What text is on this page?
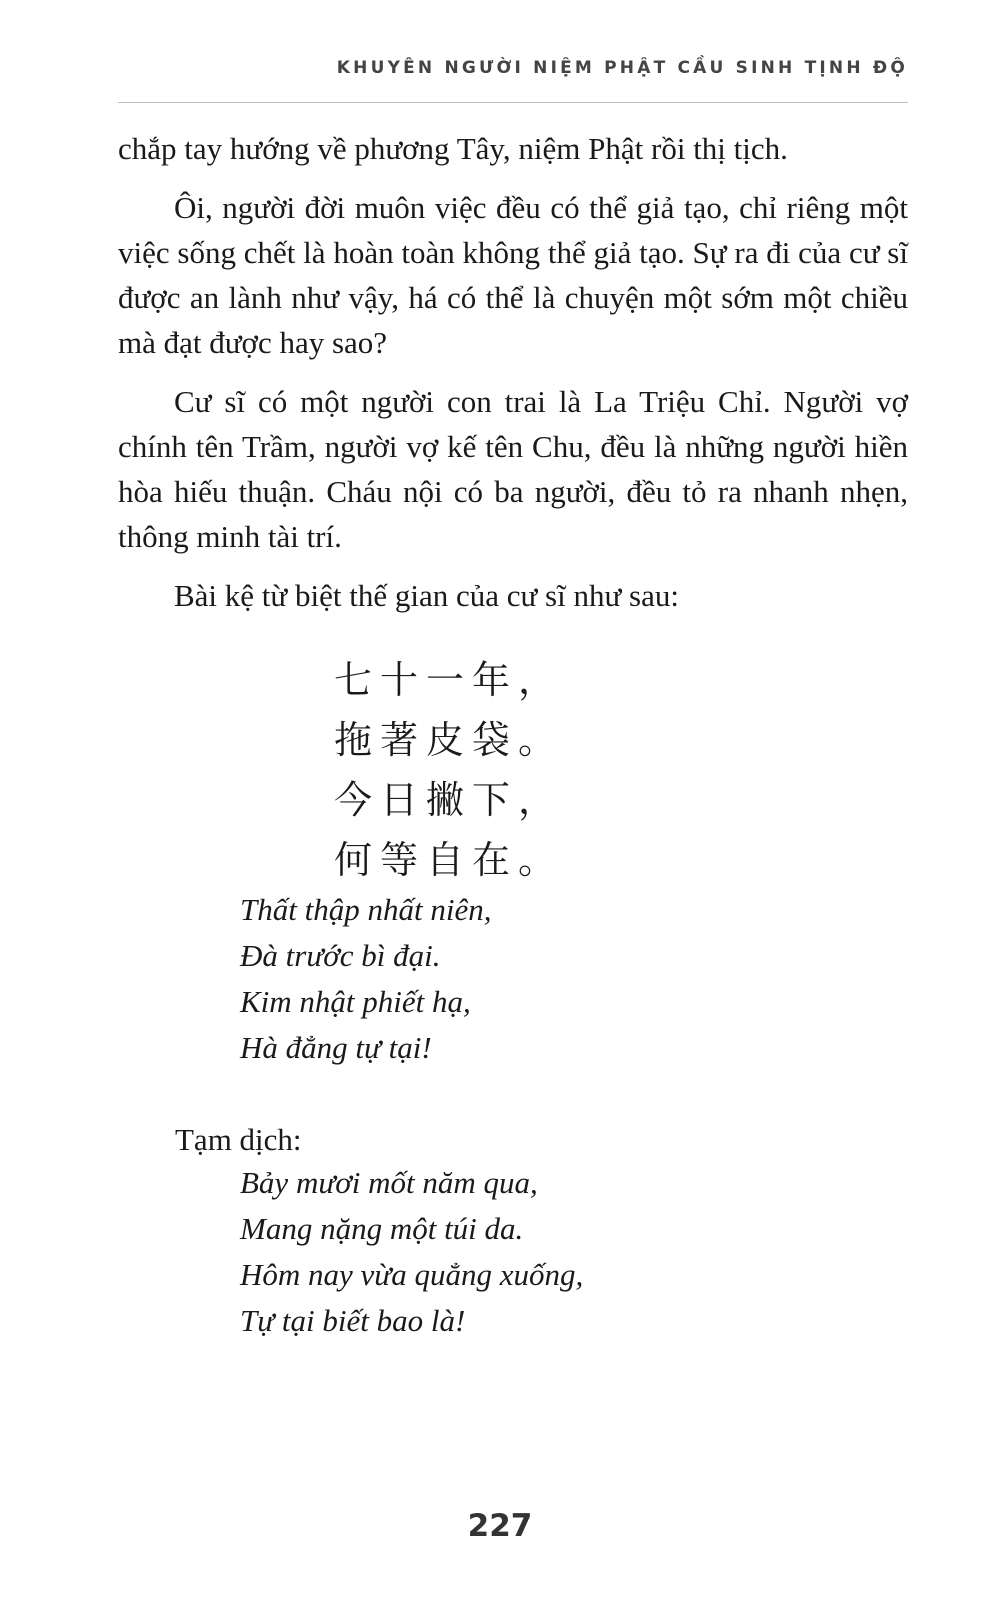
KHUYÊN NGƯỜI NIỆM PHẬT CẦU SINH TỊNH ĐỘ

chắp tay hướng về phương Tây, niệm Phật rồi thị tịch.

Ôi, người đời muôn việc đều có thể giả tạo, chỉ riêng một việc sống chết là hoàn toàn không thể giả tạo. Sự ra đi của cư sĩ được an lành như vậy, há có thể là chuyện một sớm một chiều mà đạt được hay sao?

Cư sĩ có một người con trai là La Triệu Chỉ. Người vợ chính tên Trầm, người vợ kế tên Chu, đều là những người hiền hòa hiếu thuận. Cháu nội có ba người, đều tỏ ra nhanh nhẹn, thông minh tài trí.

Bài kệ từ biệt thế gian của cư sĩ như sau:

七十一年，
拖著皮袋。
今日撇下，
何等自在。
Thất thập nhất niên,
Đà trước bì đại.
Kim nhật phiết hạ,
Hà đẳng tự tại!
Tạm dịch:
Bảy mươi mốt năm qua,
Mang nặng một túi da.
Hôm nay vừa quẳng xuống,
Tự tại biết bao là!
227
